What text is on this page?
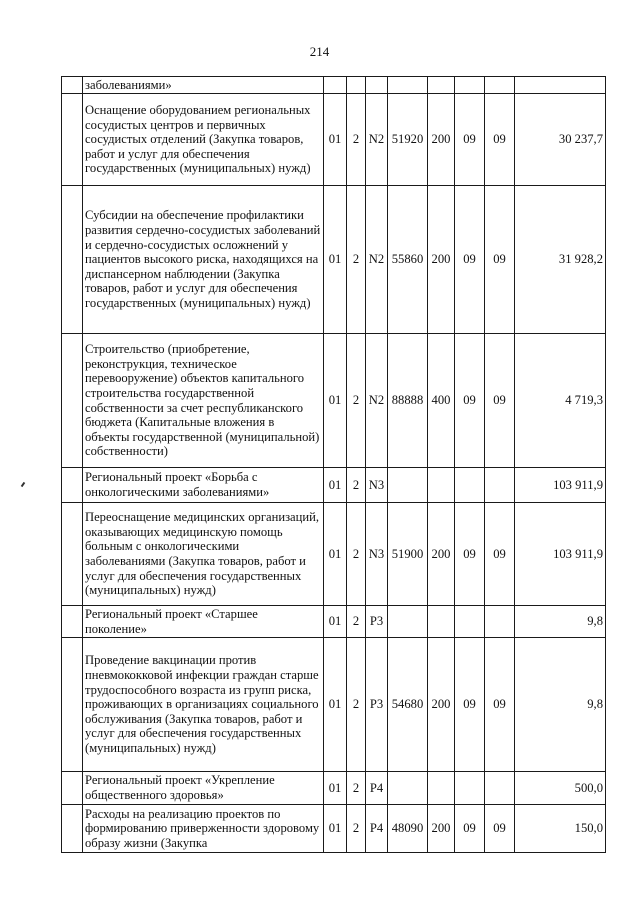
214
	заболеваниями»								
	Оснащение оборудованием региональных сосудистых центров и первичных сосудистых отделений (Закупка товаров, работ и услуг для обеспечения государственных (муниципальных) нужд)	01	2	N2	51920	200	09	09	30 237,7
	Субсидии на обеспечение профилактики развития сердечно-сосудистых заболеваний и сердечно-сосудистых осложнений у пациентов высокого риска, находящихся на диспансерном наблюдении (Закупка товаров, работ и услуг для обеспечения государственных (муниципальных) нужд)	01	2	N2	55860	200	09	09	31 928,2
	Строительство (приобретение, реконструкция, техническое перевооружение) объектов капитального строительства государственной собственности за счет республиканского бюджета (Капитальные вложения в объекты государственной (муниципальной) собственности)	01	2	N2	88888	400	09	09	4 719,3
	Региональный проект «Борьба с онкологическими заболеваниями»	01	2	N3					103 911,9
	Переоснащение медицинских организаций, оказывающих медицинскую помощь больным с онкологическими заболеваниями (Закупка товаров, работ и услуг для обеспечения государственных (муниципальных) нужд)	01	2	N3	51900	200	09	09	103 911,9
	Региональный проект «Старшее поколение»	01	2	P3					9,8
	Проведение вакцинации против пневмококковой инфекции граждан старше трудоспособного возраста из групп риска, проживающих в организациях социального обслуживания (Закупка товаров, работ и услуг для обеспечения государственных (муниципальных) нужд)	01	2	P3	54680	200	09	09	9,8
	Региональный проект «Укрепление общественного здоровья»	01	2	P4					500,0
	Расходы на реализацию проектов по формированию приверженности здоровому образу жизни (Закупка	01	2	P4	48090	200	09	09	150,0
